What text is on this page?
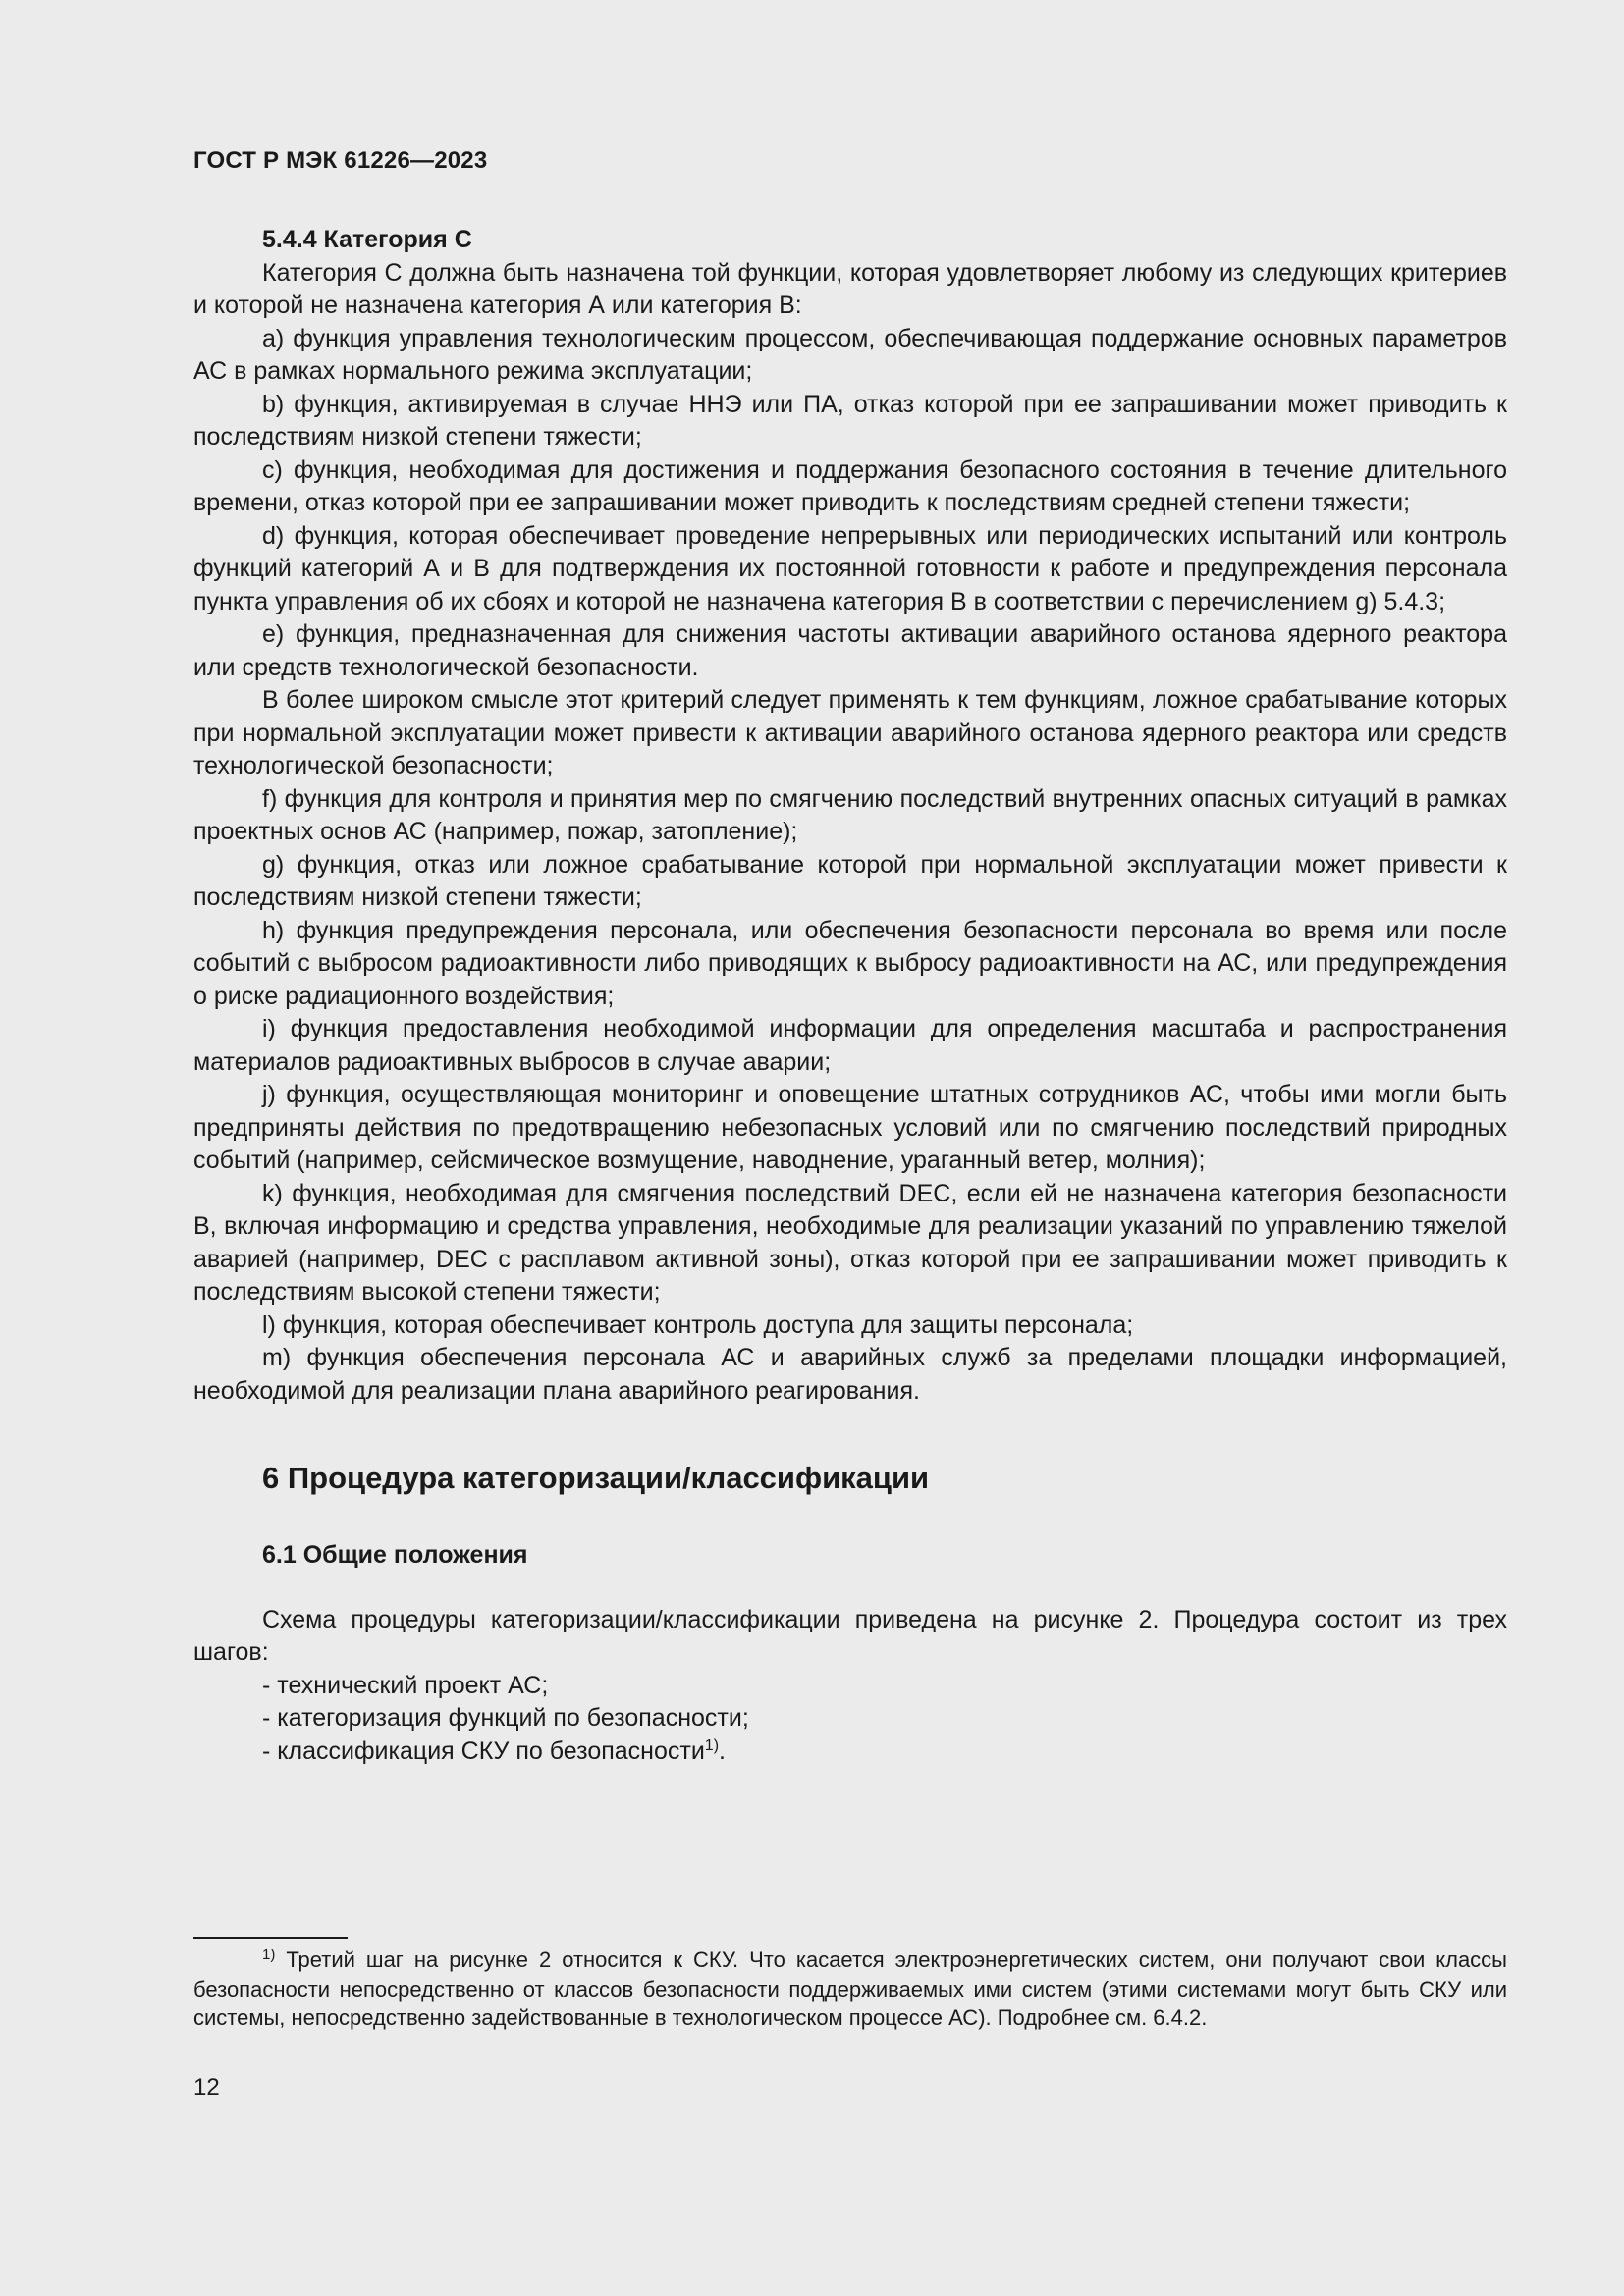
ГОСТ Р МЭК 61226—2023
5.4.4 Категория С

Категория С должна быть назначена той функции, которая удовлетворяет любому из следующих критериев и которой не назначена категория А или категория В:

а) функция управления технологическим процессом, обеспечивающая поддержание основных параметров АС в рамках нормального режима эксплуатации;

b) функция, активируемая в случае ННЭ или ПА, отказ которой при ее запрашивании может приводить к последствиям низкой степени тяжести;

с) функция, необходимая для достижения и поддержания безопасного состояния в течение длительного времени, отказ которой при ее запрашивании может приводить к последствиям средней степени тяжести;

d) функция, которая обеспечивает проведение непрерывных или периодических испытаний или контроль функций категорий А и В для подтверждения их постоянной готовности к работе и предупреждения персонала пункта управления об их сбоях и которой не назначена категория В в соответствии с перечислением g) 5.4.3;

е) функция, предназначенная для снижения частоты активации аварийного останова ядерного реактора или средств технологической безопасности.

В более широком смысле этот критерий следует применять к тем функциям, ложное срабатывание которых при нормальной эксплуатации может привести к активации аварийного останова ядерного реактора или средств технологической безопасности;

f) функция для контроля и принятия мер по смягчению последствий внутренних опасных ситуаций в рамках проектных основ АС (например, пожар, затопление);

g) функция, отказ или ложное срабатывание которой при нормальной эксплуатации может привести к последствиям низкой степени тяжести;

h) функция предупреждения персонала, или обеспечения безопасности персонала во время или после событий с выбросом радиоактивности либо приводящих к выбросу радиоактивности на АС, или предупреждения о риске радиационного воздействия;

i) функция предоставления необходимой информации для определения масштаба и распространения материалов радиоактивных выбросов в случае аварии;

j) функция, осуществляющая мониторинг и оповещение штатных сотрудников АС, чтобы ими могли быть предприняты действия по предотвращению небезопасных условий или по смягчению последствий природных событий (например, сейсмическое возмущение, наводнение, ураганный ветер, молния);

k) функция, необходимая для смягчения последствий DEC, если ей не назначена категория безопасности В, включая информацию и средства управления, необходимые для реализации указаний по управлению тяжелой аварией (например, DEC с расплавом активной зоны), отказ которой при ее запрашивании может приводить к последствиям высокой степени тяжести;

l) функция, которая обеспечивает контроль доступа для защиты персонала;

m) функция обеспечения персонала АС и аварийных служб за пределами площадки информацией, необходимой для реализации плана аварийного реагирования.

6 Процедура категоризации/классификации
6.1 Общие положения

Схема процедуры категоризации/классификации приведена на рисунке 2. Процедура состоит из трех шагов:

- технический проект АС;
- категоризация функций по безопасности;
- классификация СКУ по безопасности$^{1)}$.

$^{1)}$ Третий шаг на рисунке 2 относится к СКУ. Что касается электроэнергетических систем, они получают свои классы безопасности непосредственно от классов безопасности поддерживаемых ими систем (этими системами могут быть СКУ или системы, непосредственно задействованные в технологическом процессе АС). Подробнее см. 6.4.2.

12
